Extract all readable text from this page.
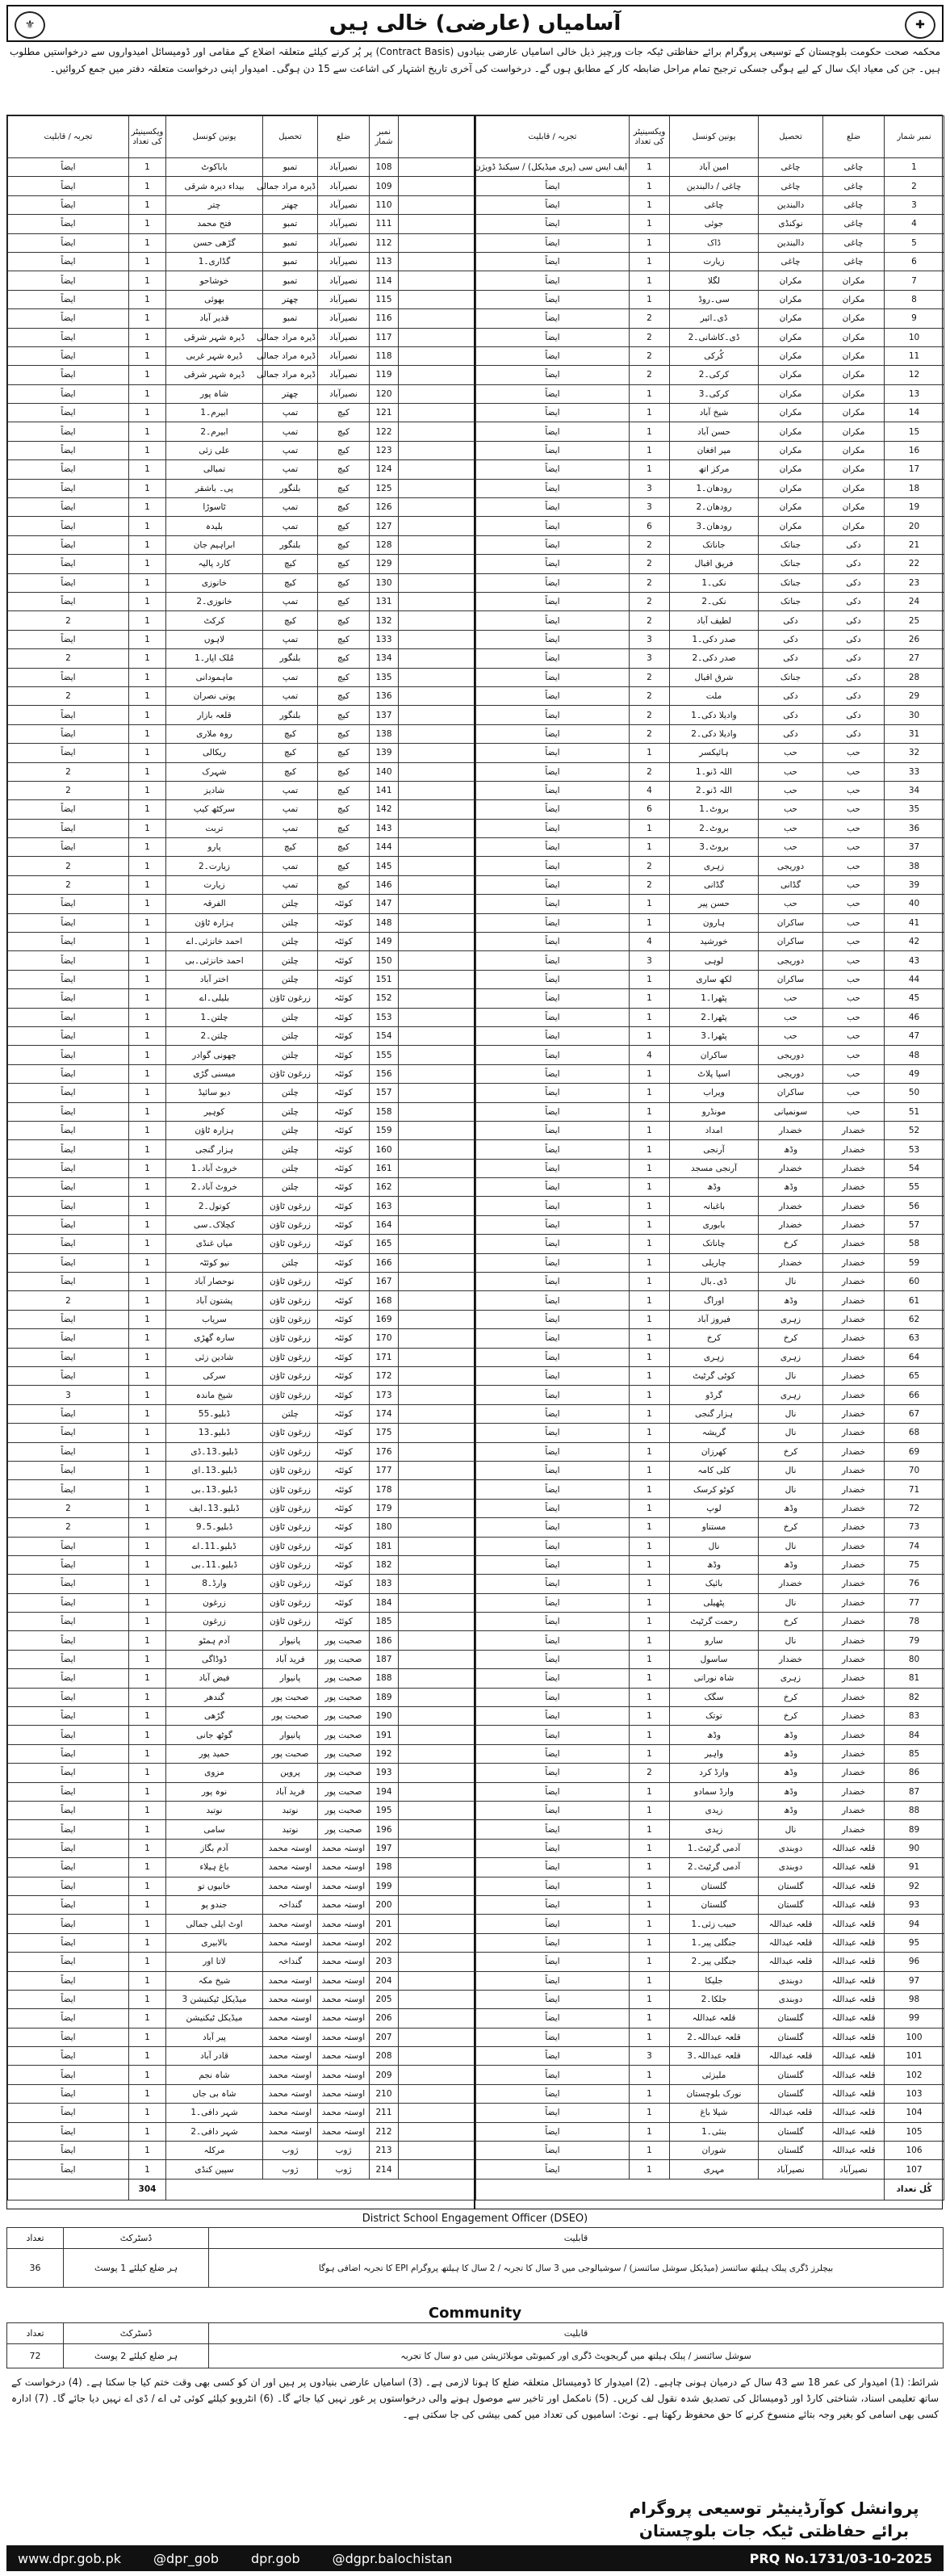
⚜	آسامیاں (عارضی) خالی ہیں	✚
محکمہ صحت حکومت بلوچستان کے توسیعی پروگرام برائے حفاظتی ٹیکہ جات ورچیز ذیل خالی اسامیاں عارضی بنیادوں (Contract Basis) پر پُر کرنے کیلئے متعلقہ اضلاع کے مقامی اور ڈومیسائل امیدواروں سے درخواستیں مطلوب ہیں۔ جن کی معیاد ایک سال کے لیے ہوگی جسکی ترجیح تمام مراحل ضابطہ کار کے مطابق ہوں گے۔ درخواست کی آخری تاریخ اشتہار کی اشاعت سے 15 دن ہوگی۔ امیدوار اپنی درخواست متعلقہ دفتر میں جمع کروائیں۔
تجربہ / قابلیت	ویکسینیٹر کی تعداد	یونین کونسل	تحصیل	ضلع	نمبر شمار	
ایضاً	1	باباکوٹ	تمبو	نصیرآباد	108	
ایضاً	1	بیداء دیرہ شرقی	ڈیرہ مراد جمالی	نصیرآباد	109	
ایضاً	1	چتر	چھتر	نصیرآباد	110	
ایضاً	1	فتح محمد	تمبو	نصیرآباد	111	
ایضاً	1	گڑھی حسن	تمبو	نصیرآباد	112	
ایضاً	1	گڈاری۔1	تمبو	نصیرآباد	113	
ایضاً	1	خوشاحو	تمبو	نصیرآباد	114	
ایضاً	1	بھوئی	چھتر	نصیرآباد	115	
ایضاً	1	قدیر آباد	تمبو	نصیرآباد	116	
ایضاً	1	ڈیرہ شہر شرقی	ڈیرہ مراد جمالی	نصیرآباد	117	
ایضاً	1	ڈیرہ شہر غربی	ڈیرہ مراد جمالی	نصیرآباد	118	
ایضاً	1	ڈیرہ شہر شرقی	ڈیرہ مراد جمالی	نصیرآباد	119	
ایضاً	1	شاہ پور	چھتر	نصیرآباد	120	
ایضاً	1	ابیرم۔1	تمپ	کیچ	121	
ایضاً	1	ابیرم۔2	تمپ	کیچ	122	
ایضاً	1	علی زئی	تمپ	کیچ	123	
ایضاً	1	تمبالی	تمپ	کیچ	124	
ایضاً	1	پی۔ باشقر	بلنگور	کیچ	125	
ایضاً	1	ٹاسوڑا	تمپ	کیچ	126	
ایضاً	1	بلیدہ	تمپ	کیچ	127	
ایضاً	1	ابراہیم جان	بلنگور	کیچ	128	
ایضاً	1	کارد پالیہ	کیچ	کیچ	129	
ایضاً	1	خانوزی	کیچ	کیچ	130	
ایضاً	1	خانوزی۔2	تمپ	کیچ	131	
2	1	کرکٹ	کیچ	کیچ	132	
ایضاً	1	لاہوں	تمپ	کیچ	133	
2	1	مُلک اپار۔1	بلنگور	کیچ	134	
ایضاً	1	ماہمودانی	تمپ	کیچ	135	
2	1	پوتی نصران	تمپ	کیچ	136	
ایضاً	1	قلعہ بازار	بلنگور	کیچ	137	
ایضاً	1	روہ ملاری	کیچ	کیچ	138	
ایضاً	1	ریکالی	کیچ	کیچ	139	
2	1	شہرک	کیچ	کیچ	140	
2	1	شادیز	تمپ	کیچ	141	
ایضاً	1	سرکٹھ کیپ	تمپ	کیچ	142	
ایضاً	1	تربت	تمپ	کیچ	143	
ایضاً	1	پارو	کیچ	کیچ	144	
2	1	زیارت۔2	تمپ	کیچ	145	
2	1	زیارت	تمپ	کیچ	146	
ایضاً	1	الفرقہ	چلتن	کوئٹہ	147	
ایضاً	1	ہزارہ ٹاؤن	چلتن	کوئٹہ	148	
ایضاً	1	احمد خانزئی۔اے	چلتن	کوئٹہ	149	
ایضاً	1	احمد خانزئی۔بی	چلتن	کوئٹہ	150	
ایضاً	1	اختر آباد	چلتن	کوئٹہ	151	
ایضاً	1	بلیلی۔اے	زرغون ٹاؤن	کوئٹہ	152	
ایضاً	1	چلتن۔1	چلتن	کوئٹہ	153	
ایضاً	1	چلتن۔2	چلتن	کوئٹہ	154	
ایضاً	1	چھونی گوادر	چلتن	کوئٹہ	155	
ایضاً	1	میسنی گڑی	زرغون ٹاؤن	کوئٹہ	156	
ایضاً	1	دیو سائیڈ	چلتن	کوئٹہ	157	
ایضاً	1	کوہیر	چلتن	کوئٹہ	158	
ایضاً	1	ہزارہ ٹاؤن	چلتن	کوئٹہ	159	
ایضاً	1	ہزار گنجی	چلتن	کوئٹہ	160	
ایضاً	1	خروٹ آباد۔1	چلتن	کوئٹہ	161	
ایضاً	1	خروٹ آباد۔2	چلتن	کوئٹہ	162	
ایضاً	1	کوتول۔2	زرغون ٹاؤن	کوئٹہ	163	
ایضاً	1	کچلاک۔سی	زرغون ٹاؤن	کوئٹہ	164	
ایضاً	1	میاں غنڈی	زرغون ٹاؤن	کوئٹہ	165	
ایضاً	1	نیو کوئٹہ	چلتن	کوئٹہ	166	
ایضاً	1	نوحصار آباد	زرغون ٹاؤن	کوئٹہ	167	
2	1	پشتون آباد	زرغون ٹاؤن	کوئٹہ	168	
ایضاً	1	سریاب	زرغون ٹاؤن	کوئٹہ	169	
ایضاً	1	سارہ گھڑی	زرغون ٹاؤن	کوئٹہ	170	
ایضاً	1	شادین زئی	زرغون ٹاؤن	کوئٹہ	171	
ایضاً	1	سرکی	زرغون ٹاؤن	کوئٹہ	172	
3	1	شیخ ماندہ	زرغون ٹاؤن	کوئٹہ	173	
ایضاً	1	ڈبلیو۔55	چلتن	کوئٹہ	174	
ایضاً	1	ڈبلیو۔13	زرغون ٹاؤن	کوئٹہ	175	
ایضاً	1	ڈبلیو۔13۔ڈی	زرغون ٹاؤن	کوئٹہ	176	
ایضاً	1	ڈبلیو۔13۔ای	زرغون ٹاؤن	کوئٹہ	177	
ایضاً	1	ڈبلیو۔13۔بی	زرغون ٹاؤن	کوئٹہ	178	
2	1	ڈبلیو۔13۔ایف	زرغون ٹاؤن	کوئٹہ	179	
2	1	ڈبلیو۔5۔9	زرغون ٹاؤن	کوئٹہ	180	
ایضاً	1	ڈبلیو۔11۔اے	زرغون ٹاؤن	کوئٹہ	181	
ایضاً	1	ڈبلیو۔11۔بی	زرغون ٹاؤن	کوئٹہ	182	
ایضاً	1	وارڈ۔8	زرغون ٹاؤن	کوئٹہ	183	
ایضاً	1	زرغون	زرغون ٹاؤن	کوئٹہ	184	
ایضاً	1	زرغون	زرغون ٹاؤن	کوئٹہ	185	
ایضاً	1	آدم ہمٹو	پانیوار	صحبت پور	186	
ایضاً	1	ڈوڈاگی	فرید آباد	صحبت پور	187	
ایضاً	1	فیض آباد	پانیوار	صحبت پور	188	
ایضاً	1	گندھر	صحبت پور	صحبت پور	189	
ایضاً	1	گڑھی	صحبت پور	صحبت پور	190	
ایضاً	1	گوٹھ جانی	پانیوار	صحبت پور	191	
ایضاً	1	حمید پور	صحبت پور	صحبت پور	192	
ایضاً	1	مزوی	پروین	صحبت پور	193	
ایضاً	1	نوہ پور	فرید آباد	صحبت پور	194	
ایضاً	1	نوتبد	نوتبد	صحبت پور	195	
ایضاً	1	سامی	نوتبد	صحبت پور	196	
ایضاً	1	آدم بگاز	اوستہ محمد	اوستہ محمد	197	
ایضاً	1	باغ ہیلاء	اوستہ محمد	اوستہ محمد	198	
ایضاً	1	خانیوں تو	اوستہ محمد	اوستہ محمد	199	
ایضاً	1	جندو پو	گنداخہ	اوستہ محمد	200	
ایضاً	1	اوٹ ایلی جمالی	اوستہ محمد	اوستہ محمد	201	
ایضاً	1	بالابیری	اوستہ محمد	اوستہ محمد	202	
ایضاً	1	لاتا اور	گنداخہ	اوستہ محمد	203	
ایضاً	1	شیخ مکہ	اوستہ محمد	اوستہ محمد	204	
ایضاً	1	میڈیکل ٹیکنیشن 3	اوستہ محمد	اوستہ محمد	205	
ایضاً	1	میڈیکل ٹیکنیشن	اوستہ محمد	اوستہ محمد	206	
ایضاً	1	پیر آباد	اوستہ محمد	اوستہ محمد	207	
ایضاً	1	قادر آباد	اوستہ محمد	اوستہ محمد	208	
ایضاً	1	شاہ نجم	اوستہ محمد	اوستہ محمد	209	
ایضاً	1	شاہ بی جاں	اوستہ محمد	اوستہ محمد	210	
ایضاً	1	شہر دافی۔1	اوستہ محمد	اوستہ محمد	211	
ایضاً	1	شہر دافی۔2	اوستہ محمد	اوستہ محمد	212	
ایضاً	1	مرکلہ	ژوب	ژوب	213	
ایضاً	1	سپین کنڈی	ژوب	ژوب	214	
	304					
تجربہ / قابلیت	ویکسینیٹر کی تعداد	یونین کونسل	تحصیل	ضلع	نمبر شمار
ایف ایس سی (پری میڈیکل) / سیکنڈ ڈویژن	1	امین آباد	چاغی	چاغی	1
ایضاً	1	چاغی / دالبندین	چاغی	چاغی	2
ایضاً	1	چاغی	دالبندین	چاغی	3
ایضاً	1	جوئی	نوکنڈی	چاغی	4
ایضاً	1	ڈاک	دالبندین	چاغی	5
ایضاً	1	زیارت	چاغی	چاغی	6
ایضاً	1	لگلا	مکران	مکران	7
ایضاً	1	سی۔روڈ	مکران	مکران	8
ایضاً	2	ڈی۔ائیر	مکران	مکران	9
ایضاً	2	ڈی۔کاشانی۔2	مکران	مکران	10
ایضاً	2	کُرکی	مکران	مکران	11
ایضاً	2	کرکی۔2	مکران	مکران	12
ایضاً	1	کرکی۔3	مکران	مکران	13
ایضاً	1	شیخ آباد	مکران	مکران	14
ایضاً	1	حسن آباد	مکران	مکران	15
ایضاً	1	میر افغان	مکران	مکران	16
ایضاً	1	مرکز اتھ	مکران	مکران	17
ایضاً	3	رودھان۔1	مکران	مکران	18
ایضاً	3	رودھان۔2	مکران	مکران	19
ایضاً	6	رودھان۔3	مکران	مکران	20
ایضاً	2	جاناتک	جناتک	دکی	21
ایضاً	2	فریق اقبال	جناتک	دکی	22
ایضاً	2	نکی۔1	جناتک	دکی	23
ایضاً	2	نکی۔2	جناتک	دکی	24
ایضاً	2	لطیف آباد	دکی	دکی	25
ایضاً	3	صدر دکی۔1	دکی	دکی	26
ایضاً	3	صدر دکی۔2	دکی	دکی	27
ایضاً	2	شرق اقبال	جناتک	دکی	28
ایضاً	2	ملت	دکی	دکی	29
ایضاً	2	وادیلا دکی۔1	دکی	دکی	30
ایضاً	2	وادیلا دکی۔2	دکی	دکی	31
ایضاً	1	ہائیکسر	حب	حب	32
ایضاً	2	اللہ ڈنو۔1	حب	حب	33
ایضاً	4	اللہ ڈنو۔2	حب	حب	34
ایضاً	6	بروٹ۔1	حب	حب	35
ایضاً	1	بروٹ۔2	حب	حب	36
ایضاً	1	بروٹ۔3	حب	حب	37
ایضاً	2	زہری	دوریجی	حب	38
ایضاً	2	گڈانی	گڈانی	حب	39
ایضاً	1	حسن پیر	حب	حب	40
ایضاً	1	ہارون	ساکران	حب	41
ایضاً	4	خورشید	ساکران	حب	42
ایضاً	3	لوہی	دوریجی	حب	43
ایضاً	1	لکھ ساری	ساکران	حب	44
ایضاً	1	پٹھرا۔1	حب	حب	45
ایضاً	1	پٹھرا۔2	حب	حب	46
ایضاً	1	پٹھرا۔3	حب	حب	47
ایضاً	4	ساکران	دوریجی	حب	48
ایضاً	1	اسپا پلاٹ	دوریجی	حب	49
ایضاً	1	ویراب	ساکران	حب	50
ایضاً	1	مونڈرو	سونمیانی	حب	51
ایضاً	1	امداد	خضدار	خضدار	52
ایضاً	1	آرنجی	وڈھ	خضدار	53
ایضاً	1	آرنجی مسجد	خضدار	خضدار	54
ایضاً	1	وڈھ	وڈھ	خضدار	55
ایضاً	1	باغبانہ	خضدار	خضدار	56
ایضاً	1	بابوری	خضدار	خضدار	57
ایضاً	1	چاناتک	کرخ	خضدار	58
ایضاً	1	چاریلی	خضدار	خضدار	59
ایضاً	1	ڈی۔بال	نال	خضدار	60
ایضاً	1	اوراگ	وڈھ	خضدار	61
ایضاً	1	فیروز آباد	زہری	خضدار	62
ایضاً	1	کرخ	کرخ	خضدار	63
ایضاً	1	زہری	زہری	خضدار	64
ایضاً	1	کوٹی گرٹیٹ	نال	خضدار	65
ایضاً	1	گرڈو	زہری	خضدار	66
ایضاً	1	ہزار گنجی	نال	خضدار	67
ایضاً	1	گریشہ	نال	خضدار	68
ایضاً	1	کھرزان	کرخ	خضدار	69
ایضاً	1	کلی کامہ	نال	خضدار	70
ایضاً	1	کوٹو کرسک	نال	خضدار	71
ایضاً	1	لوپ	وڈھ	خضدار	72
ایضاً	1	مستناو	کرخ	خضدار	73
ایضاً	1	نال	نال	خضدار	74
ایضاً	1	وڈھ	وڈھ	خضدار	75
ایضاً	1	بائیک	خضدار	خضدار	76
ایضاً	1	پٹھیلی	نال	خضدار	77
ایضاً	1	رحمت گرٹیٹ	کرخ	خضدار	78
ایضاً	1	سارو	نال	خضدار	79
ایضاً	1	ساسول	خضدار	خضدار	80
ایضاً	1	شاہ نورانی	زہری	خضدار	81
ایضاً	1	سگک	کرخ	خضدار	82
ایضاً	1	توتک	کرخ	خضدار	83
ایضاً	1	وڈھ	وڈھ	خضدار	84
ایضاً	1	واہیر	وڈھ	خضدار	85
ایضاً	2	وارڈ کرد	وڈھ	خضدار	86
ایضاً	1	وارڈ سمادو	وڈھ	خضدار	87
ایضاً	1	زیدی	وڈھ	خضدار	88
ایضاً	1	زیدی	نال	خضدار	89
ایضاً	1	آدمی گرٹیٹ۔1	دوبندی	قلعہ عبداللہ	90
ایضاً	1	آدمی گرٹیٹ۔2	دوبندی	قلعہ عبداللہ	91
ایضاً	1	گلستان	گلستان	قلعہ عبداللہ	92
ایضاً	1	گلستان	گلستان	قلعہ عبداللہ	93
ایضاً	1	حبیب زئی۔1	قلعہ عبداللہ	قلعہ عبداللہ	94
ایضاً	1	جنگلی پیر۔1	قلعہ عبداللہ	قلعہ عبداللہ	95
ایضاً	1	جنگلی پیر۔2	قلعہ عبداللہ	قلعہ عبداللہ	96
ایضاً	1	جلیکا	دوبندی	قلعہ عبداللہ	97
ایضاً	1	جلکا۔2	دوبندی	قلعہ عبداللہ	98
ایضاً	1	قلعہ عبداللہ	گلستان	قلعہ عبداللہ	99
ایضاً	1	قلعہ عبداللہ۔2	گلستان	قلعہ عبداللہ	100
ایضاً	3	قلعہ عبداللہ۔3	قلعہ عبداللہ	قلعہ عبداللہ	101
ایضاً	1	ملیزئی	گلستان	قلعہ عبداللہ	102
ایضاً	1	نورک بلوچستان	گلستان	قلعہ عبداللہ	103
ایضاً	1	شیلا باغ	قلعہ عبداللہ	قلعہ عبداللہ	104
ایضاً	1	بنئی۔1	گلستان	قلعہ عبداللہ	105
ایضاً	1	شوران	گلستان	قلعہ عبداللہ	106
ایضاً	1	مہری	نصیرآباد	نصیرآباد	107
					کُل تعداد
District School Engagement Officer (DSEO)
تعداد	ڈسٹرکٹ	قابلیت
36	ہر ضلع کیلئے 1 پوسٹ	بیچلرز ڈگری پبلک ہیلتھ سائنسز (میڈیکل سوشل سائنسز) / سوشیالوجی میں 3 سال کا تجربہ / 2 سال کا ہیلتھ پروگرام EPI کا تجربہ اضافی ہوگا
Community
تعداد	ڈسٹرکٹ	قابلیت
72	ہر ضلع کیلئے 2 پوسٹ	سوشل سائنسز / پبلک ہیلتھ میں گریجویٹ ڈگری اور کمیونٹی موبلائزیشن میں دو سال کا تجربہ
شرائط: (1) امیدوار کی عمر 18 سے 43 سال کے درمیان ہونی چاہیے۔ (2) امیدوار کا ڈومیسائل متعلقہ ضلع کا ہونا لازمی ہے۔ (3) اسامیاں عارضی بنیادوں پر ہیں اور ان کو کسی بھی وقت ختم کیا جا سکتا ہے۔ (4) درخواست کے ساتھ تعلیمی اسناد، شناختی کارڈ اور ڈومیسائل کی تصدیق شدہ نقول لف کریں۔ (5) نامکمل اور تاخیر سے موصول ہونے والی درخواستوں پر غور نہیں کیا جائے گا۔ (6) انٹرویو کیلئے کوئی ٹی اے / ڈی اے نہیں دیا جائے گا۔ (7) ادارہ کسی بھی اسامی کو بغیر وجہ بتائے منسوخ کرنے کا حق محفوظ رکھتا ہے۔ نوٹ: اسامیوں کی تعداد میں کمی بیشی کی جا سکتی ہے۔
پروانشل کوآرڈینیٹر توسیعی پروگرام
برائے حفاظتی ٹیکہ جات بلوچستان
www.dpr.gob.pk	@dpr_gob	dpr.gob	@dgpr.balochistan	PRQ No.1731/03-10-2025
